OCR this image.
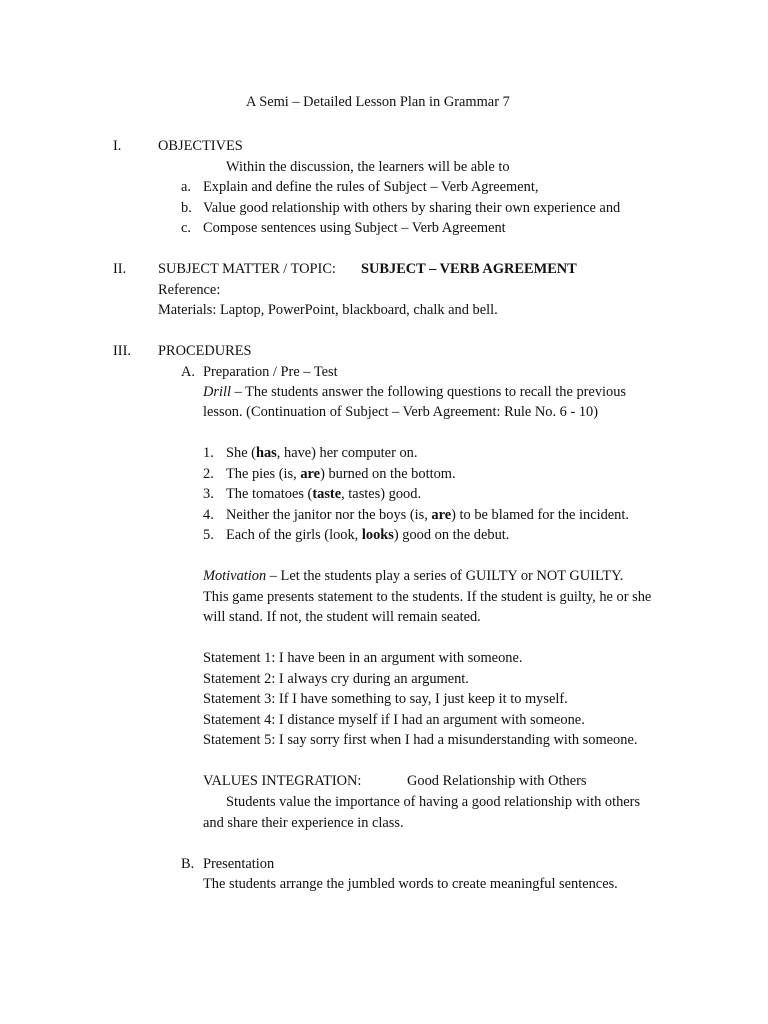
A Semi – Detailed Lesson Plan in Grammar 7
I.	OBJECTIVES
Within the discussion, the learners will be able to
a. Explain and define the rules of Subject – Verb Agreement,
b. Value good relationship with others by sharing their own experience and
c. Compose sentences using Subject – Verb Agreement
II. SUBJECT MATTER / TOPIC: SUBJECT – VERB AGREEMENT
Reference:
Materials: Laptop, PowerPoint, blackboard, chalk and bell.
III. PROCEDURES
A. Preparation / Pre – Test
Drill – The students answer the following questions to recall the previous
lesson. (Continuation of Subject – Verb Agreement: Rule No. 6 - 10)
1. She (has, have) her computer on.
2. The pies (is, are) burned on the bottom.
3. The tomatoes (taste, tastes) good.
4. Neither the janitor nor the boys (is, are) to be blamed for the incident.
5. Each of the girls (look, looks) good on the debut.
Motivation – Let the students play a series of GUILTY or NOT GUILTY.
This game presents statement to the students. If the student is guilty, he or she
will stand. If not, the student will remain seated.
Statement 1: I have been in an argument with someone.
Statement 2: I always cry during an argument.
Statement 3: If I have something to say, I just keep it to myself.
Statement 4: I distance myself if I had an argument with someone.
Statement 5: I say sorry first when I had a misunderstanding with someone.
VALUES INTEGRATION:	Good Relationship with Others
Students value the importance of having a good relationship with others
and share their experience in class.
B. Presentation
The students arrange the jumbled words to create meaningful sentences.
